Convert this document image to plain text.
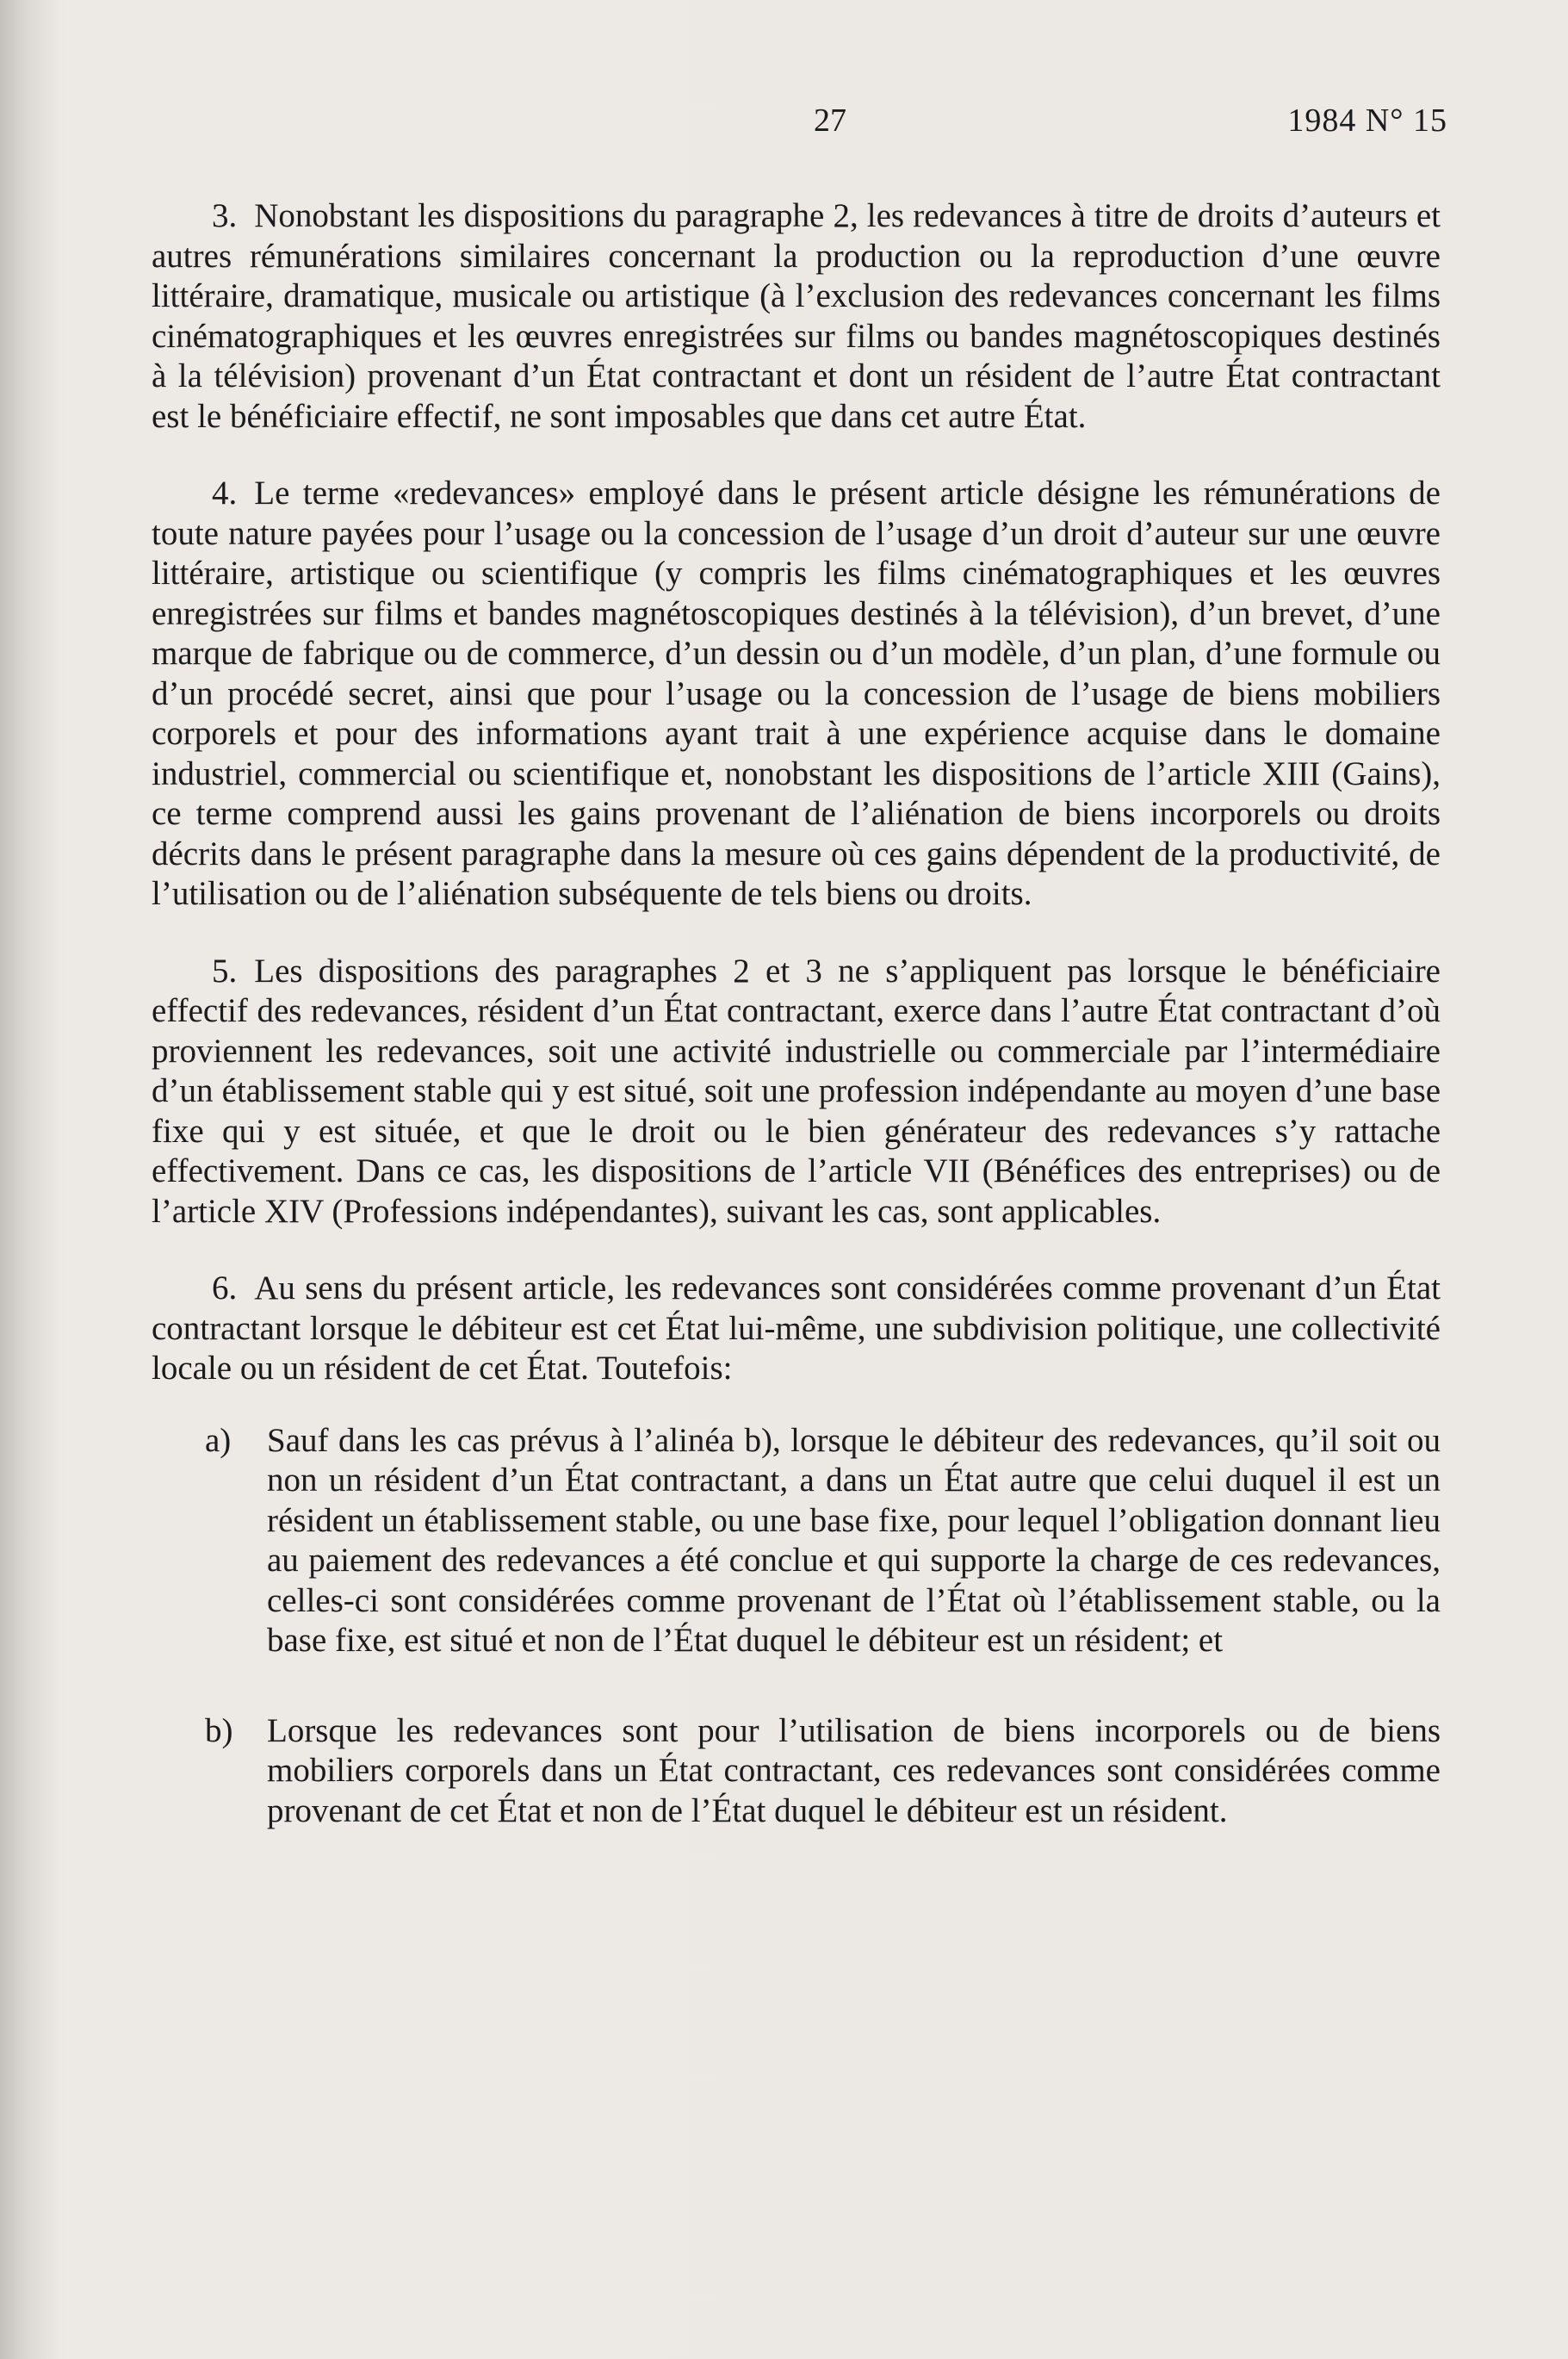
27	1984 N° 15

3. Nonobstant les dispositions du paragraphe 2, les redevances à titre de droits d’auteurs et autres rémunérations similaires concernant la production ou la reproduction d’une œuvre littéraire, dramatique, musicale ou artistique (à l’exclusion des redevances concernant les films cinématographiques et les œuvres enregistrées sur films ou bandes magnétoscopiques destinés à la télévision) provenant d’un État contractant et dont un résident de l’autre État contractant est le bénéficiaire effectif, ne sont imposables que dans cet autre État.

4. Le terme «redevances» employé dans le présent article désigne les rémunérations de toute nature payées pour l’usage ou la concession de l’usage d’un droit d’auteur sur une œuvre littéraire, artistique ou scientifique (y compris les films cinématographiques et les œuvres enregistrées sur films et bandes magnétoscopiques destinés à la télévision), d’un brevet, d’une marque de fabrique ou de commerce, d’un dessin ou d’un modèle, d’un plan, d’une formule ou d’un procédé secret, ainsi que pour l’usage ou la concession de l’usage de biens mobiliers corporels et pour des informations ayant trait à une expérience acquise dans le domaine industriel, commercial ou scientifique et, nonobstant les dispositions de l’article XIII (Gains), ce terme comprend aussi les gains provenant de l’aliénation de biens incorporels ou droits décrits dans le présent paragraphe dans la mesure où ces gains dépendent de la productivité, de l’utilisation ou de l’aliénation subséquente de tels biens ou droits.

5. Les dispositions des paragraphes 2 et 3 ne s’appliquent pas lorsque le bénéficiaire effectif des redevances, résident d’un État contractant, exerce dans l’autre État contractant d’où proviennent les redevances, soit une activité industrielle ou commerciale par l’intermédiaire d’un établissement stable qui y est situé, soit une profession indépendante au moyen d’une base fixe qui y est située, et que le droit ou le bien générateur des redevances s’y rattache effectivement. Dans ce cas, les dispositions de l’article VII (Bénéfices des entreprises) ou de l’article XIV (Professions indépendantes), suivant les cas, sont applicables.

6. Au sens du présent article, les redevances sont considérées comme provenant d’un État contractant lorsque le débiteur est cet État lui-même, une subdivision politique, une collectivité locale ou un résident de cet État. Toutefois:

a) Sauf dans les cas prévus à l’alinéa b), lorsque le débiteur des redevances, qu’il soit ou non un résident d’un État contractant, a dans un État autre que celui duquel il est un résident un établissement stable, ou une base fixe, pour lequel l’obligation donnant lieu au paiement des redevances a été conclue et qui supporte la charge de ces redevances, celles-ci sont considérées comme provenant de l’État où l’établissement stable, ou la base fixe, est situé et non de l’État duquel le débiteur est un résident; et
b) Lorsque les redevances sont pour l’utilisation de biens incorporels ou de biens mobiliers corporels dans un État contractant, ces redevances sont considérées comme provenant de cet État et non de l’État duquel le débiteur est un résident.
